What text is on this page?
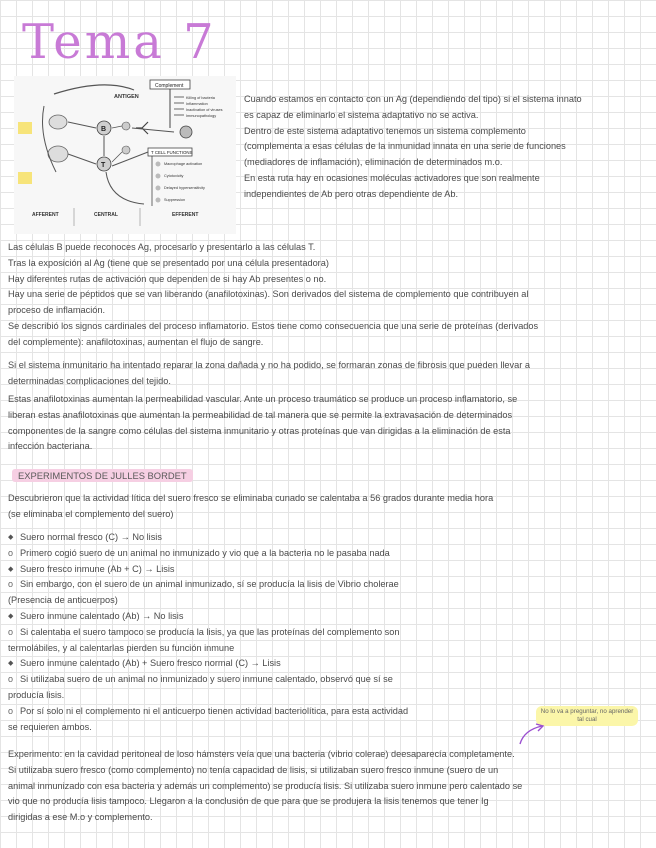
Tema 7
ANTIGEN
Complement
Killing of bacteria
Inflammation
Inactivation of viruses
Immunopathology
B
T
T CELL FUNCTIONS
Macrophage activation
Cytotoxicity
Delayed hypersensitivity
Suppression
AFFERENT	CENTRAL	EFFERENT

Cuando estamos en contacto con un Ag (dependiendo del tipo) si el sistema innato

es capaz de eliminarlo el sistema adaptativo no se activa.

Dentro de este sistema adaptativo tenemos un sistema complemento

(complementa a esas células de la inmunidad innata en una serie de funciones

(mediadores de inflamación), eliminación de determinados m.o.

En esta ruta hay en ocasiones moléculas activadores que son realmente

independientes de Ab pero otras dependiente de Ab.

Las células B puede reconoces Ag, procesarlo y presentarlo a las células T.

Tras la exposición al Ag (tiene que se presentado por una célula presentadora)

Hay diferentes rutas de activación que dependen de si hay Ab presentes o no.

Hay una serie de péptidos que se van liberando (anafilotoxinas). Son derivados del sistema de complemento que contribuyen al

proceso de inflamación.

Se describió los signos cardinales del proceso inflamatorio. Estos tiene como consecuencia que una serie de proteínas (derivados

del complemente): anafilotoxinas, aumentan el flujo de sangre.

Si el sistema inmunitario ha intentado reparar la zona dañada y no ha podido, se formaran zonas de fibrosis que pueden llevar a

determinadas complicaciones del tejido.

Estas anafilotoxinas aumentan la permeabilidad vascular. Ante un proceso traumático se produce un proceso inflamatorio, se

liberan estas anafilotoxinas que aumentan la permeabilidad de tal manera que se permite la extravasación de determinados

componentes de la sangre como células del sistema inmunitario y otras proteínas que van dirigidas a la eliminación de esta

infección bacteriana.

EXPERIMENTOS DE JULLES BORDET

Descubrieron que la actividad lítica del suero fresco se eliminaba cunado se calentaba a 56 grados durante media hora

(se eliminaba el complemento del suero)

◆ Suero normal fresco (C) → No lisis
o Primero cogió suero de un animal no inmunizado y vio que a la bacteria no le pasaba nada
◆ Suero fresco inmune (Ab + C) → Lisis
o Sin embargo, con el suero de un animal inmunizado, sí se producía la lisis de Vibrio cholerae
(Presencia de anticuerpos)
◆ Suero inmune calentado (Ab) → No lisis
o Si calentaba el suero tampoco se producía la lisis, ya que las proteínas del complemento son
termolábiles, y al calentarlas pierden su función inmune
◆ Suero inmune calentado (Ab) + Suero fresco normal (C) → Lisis
o Si utilizaba suero de un animal no inmunizado y suero inmune calentado, observó que sí se
producía lisis.
o Por sí solo ni el complemento ni el anticuerpo tienen actividad bacteriolítica, para esta actividad
se requieren ambos.

No lo va a preguntar, no aprender tal cual

Experimento: en la cavidad peritoneal de loso hámsters veía que una bacteria (vibrio colerae) deesaparecía completamente.

Si utilizaba suero fresco (como complemento) no tenía capacidad de lisis, si utilizaban suero fresco inmune (suero de un

animal inmunizado con esa bacteria y además un complemento) se producía lisis. Si utilizaba suero inmune pero calentado se

vio que no producía lisis tampoco. Llegaron a la conclusión de que para que se produjera la lisis tenemos que tener Ig

dirigidas a ese M.o y complemento.
